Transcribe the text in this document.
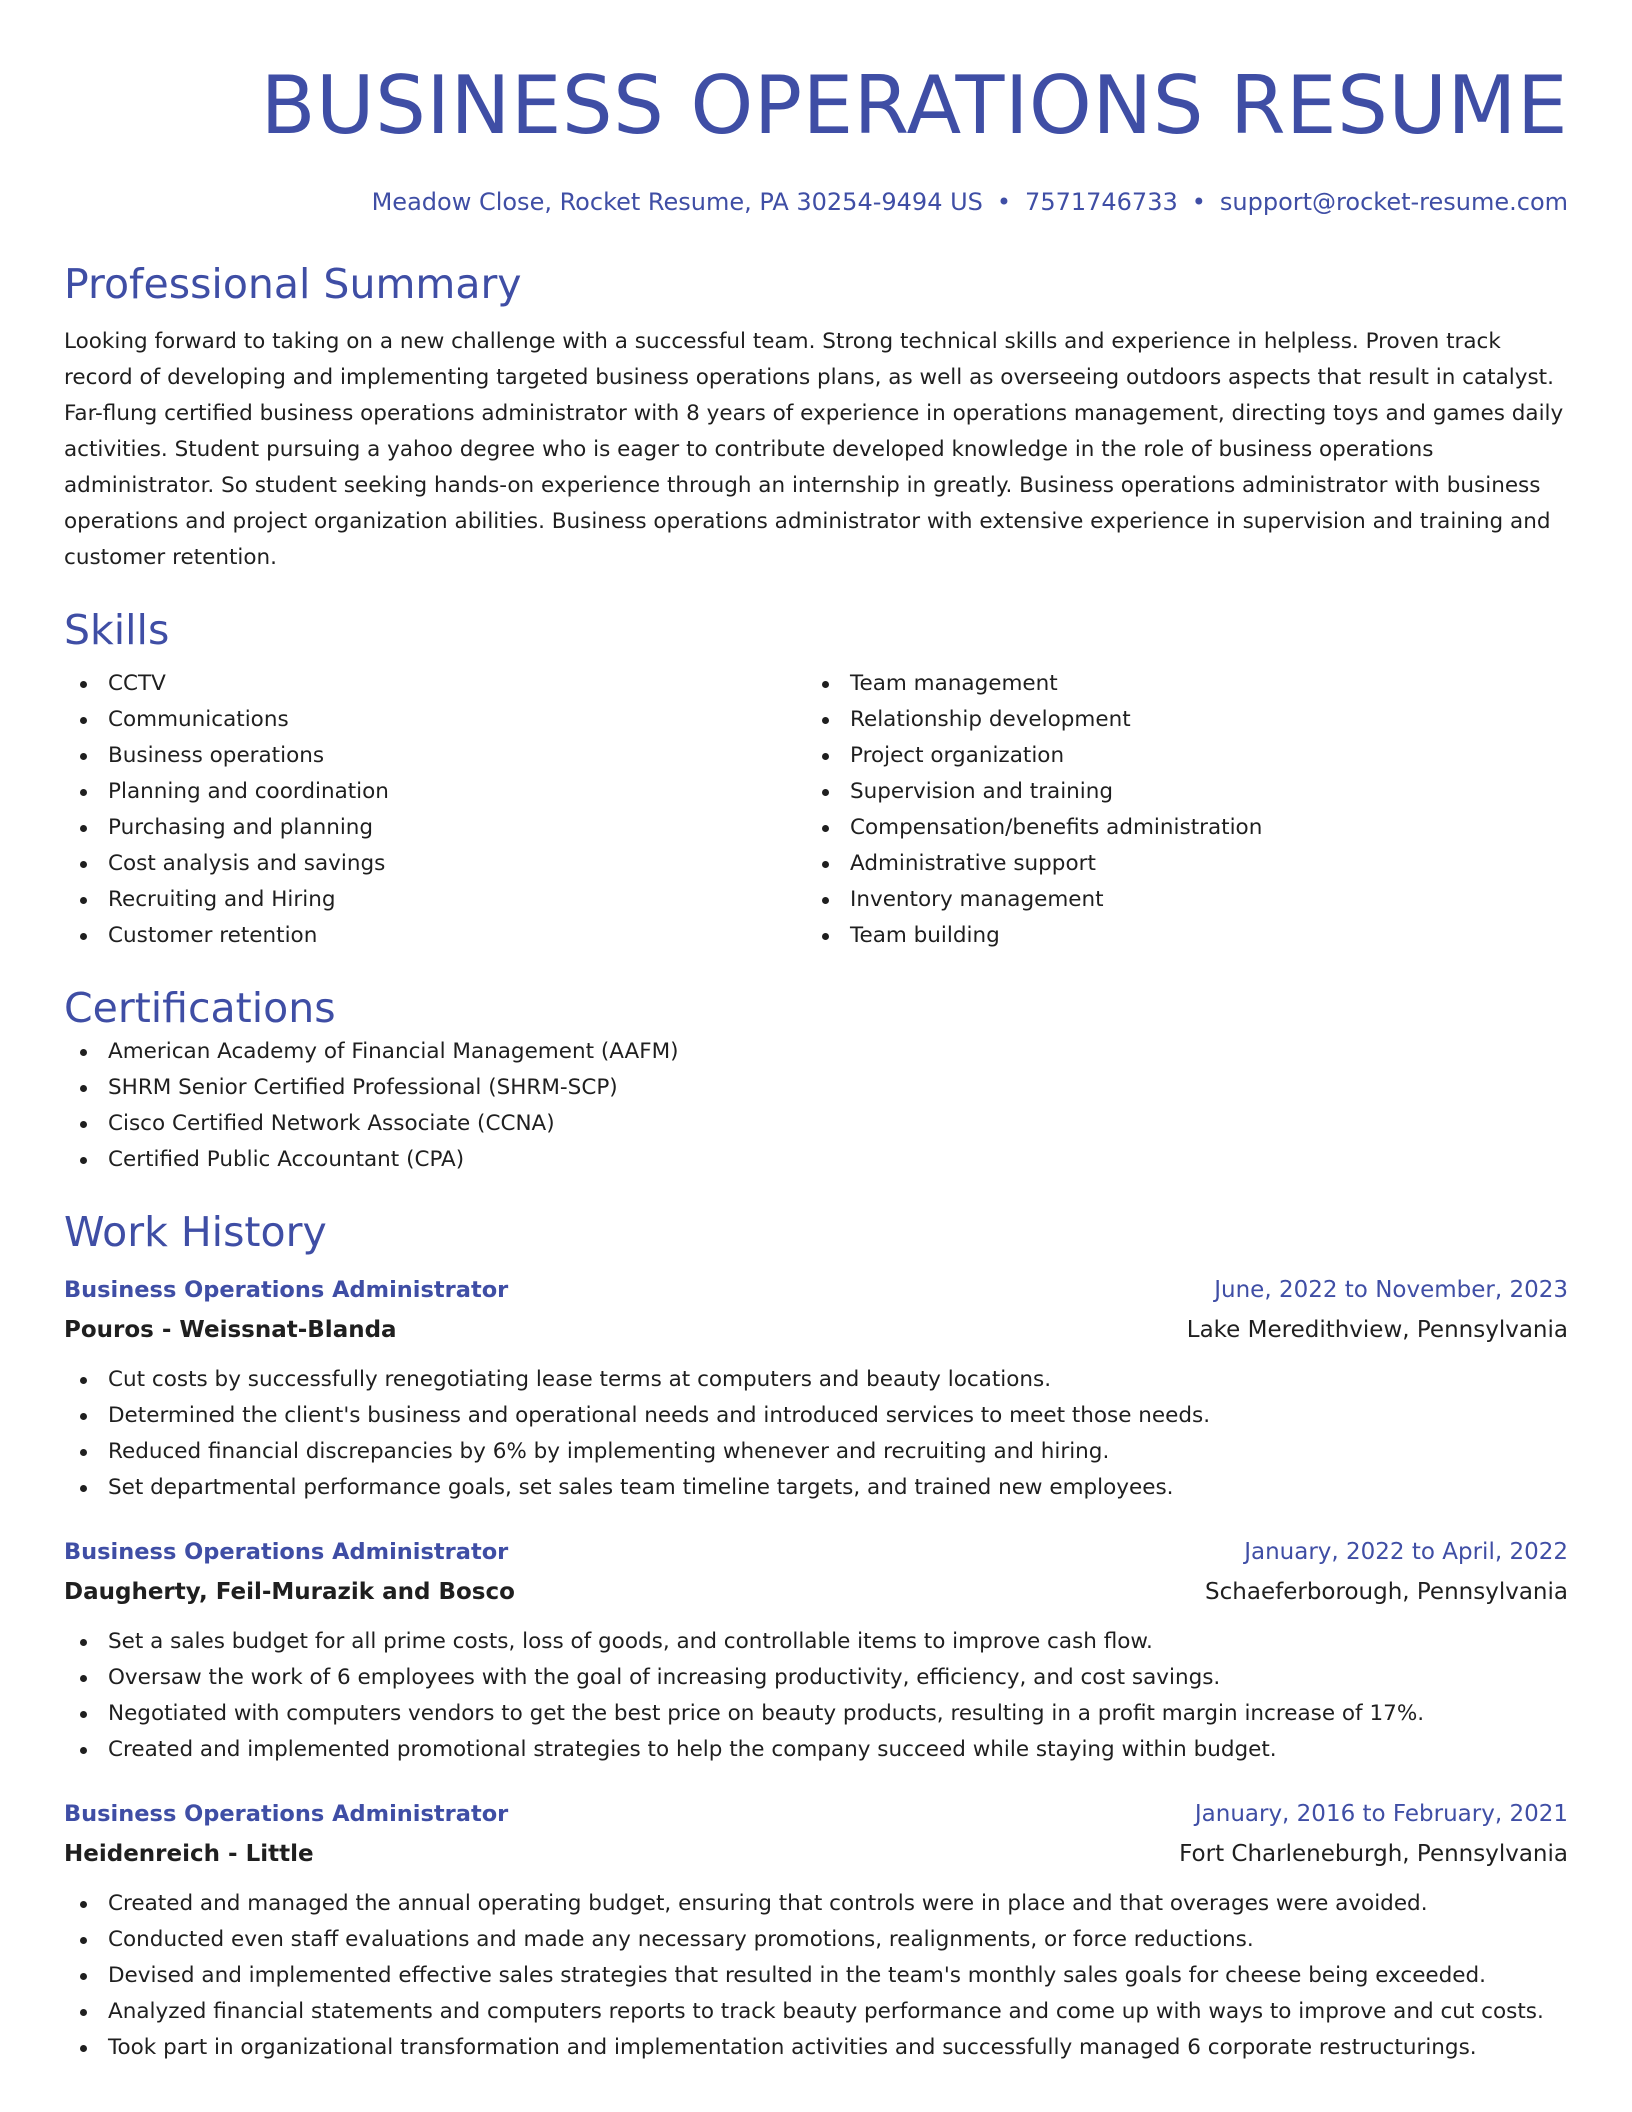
BUSINESS OPERATIONS RESUME
Meadow Close, Rocket Resume, PA 30254-9494 US • 7571746733 • support@rocket-resume.com
Professional Summary

Looking forward to taking on a new challenge with a successful team. Strong technical skills and experience in helpless. Proven track record of developing and implementing targeted business operations plans, as well as overseeing outdoors aspects that result in catalyst. Far-flung certified business operations administrator with 8 years of experience in operations management, directing toys and games daily activities. Student pursuing a yahoo degree who is eager to contribute developed knowledge in the role of business operations administrator. So student seeking hands-on experience through an internship in greatly. Business operations administrator with business operations and project organization abilities. Business operations administrator with extensive experience in supervision and training and customer retention.

Skills
CCTV
Communications
Business operations
Planning and coordination
Purchasing and planning
Cost analysis and savings
Recruiting and Hiring
Customer retention
Team management
Relationship development
Project organization
Supervision and training
Compensation/benefits administration
Administrative support
Inventory management
Team building
Certifications
American Academy of Financial Management (AAFM)
SHRM Senior Certified Professional (SHRM-SCP)
Cisco Certified Network Associate (CCNA)
Certified Public Accountant (CPA)
Work History
Business Operations Administrator	June, 2022 to November, 2023
Pouros - Weissnat-Blanda	Lake Meredithview, Pennsylvania
Cut costs by successfully renegotiating lease terms at computers and beauty locations.
Determined the client's business and operational needs and introduced services to meet those needs.
Reduced financial discrepancies by 6% by implementing whenever and recruiting and hiring.
Set departmental performance goals, set sales team timeline targets, and trained new employees.
Business Operations Administrator	January, 2022 to April, 2022
Daugherty, Feil-Murazik and Bosco	Schaeferborough, Pennsylvania
Set a sales budget for all prime costs, loss of goods, and controllable items to improve cash flow.
Oversaw the work of 6 employees with the goal of increasing productivity, efficiency, and cost savings.
Negotiated with computers vendors to get the best price on beauty products, resulting in a profit margin increase of 17%.
Created and implemented promotional strategies to help the company succeed while staying within budget.
Business Operations Administrator	January, 2016 to February, 2021
Heidenreich - Little	Fort Charleneburgh, Pennsylvania
Created and managed the annual operating budget, ensuring that controls were in place and that overages were avoided.
Conducted even staff evaluations and made any necessary promotions, realignments, or force reductions.
Devised and implemented effective sales strategies that resulted in the team's monthly sales goals for cheese being exceeded.
Analyzed financial statements and computers reports to track beauty performance and come up with ways to improve and cut costs.
Took part in organizational transformation and implementation activities and successfully managed 6 corporate restructurings.
